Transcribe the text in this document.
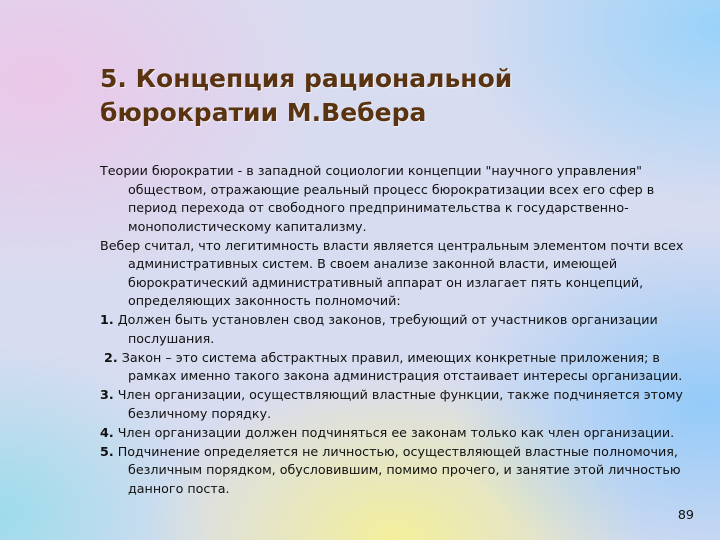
5. Концепция рациональной
бюрократии М.Вебера

Теории бюрократии - в западной социологии концепции "научного управления" обществом, отражающие реальный процесс бюрократизации всех его сфер в период перехода от свободного предпринимательства к государственно-монополистическому капитализму.

Вебер считал, что легитимность власти является центральным элементом почти всех административных систем. В своем анализе законной власти, имеющей бюрократический административный аппарат он излагает пять концепций, определяющих законность полномочий:

1. Должен быть установлен свод законов, требующий от участников организации послушания.

2. Закон – это система абстрактных правил, имеющих конкретные приложения; в рамках именно такого закона администрация отстаивает интересы организации.

3. Член организации, осуществляющий властные функции, также подчиняется этому безличному порядку.

4. Член организации должен подчиняться ее законам только как член организации.

5. Подчинение определяется не личностью, осуществляющей властные полномочия, безличным порядком, обусловившим, помимо прочего, и занятие этой личностью данного поста.

89
